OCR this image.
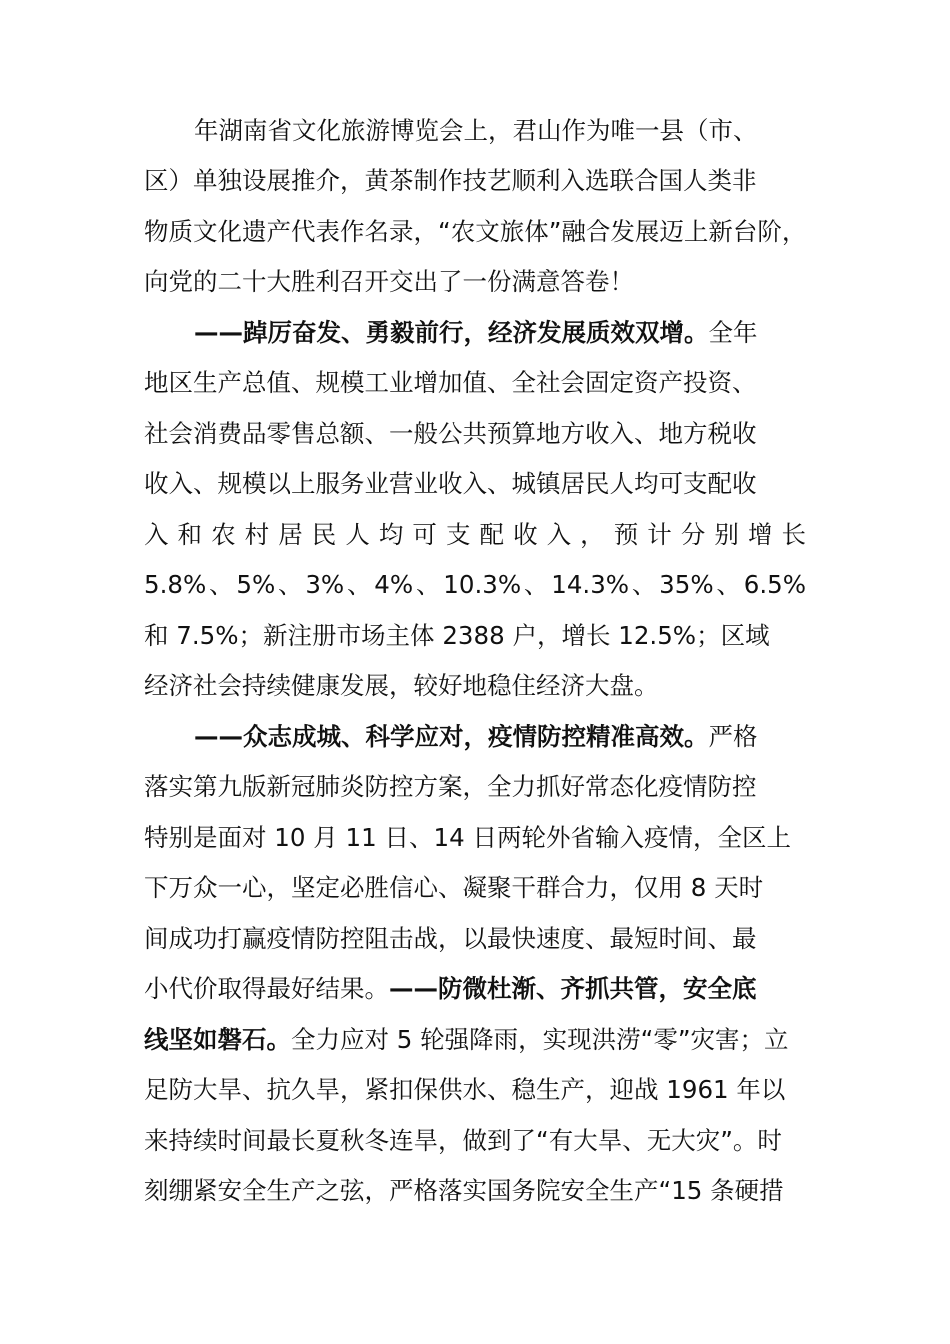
年湖南省文化旅游博览会上，君山作为唯一县（市、
区）单独设展推介，黄茶制作技艺顺利入选联合国人类非
物质文化遗产代表作名录，“农文旅体”融合发展迈上新台阶，
向党的二十大胜利召开交出了一份满意答卷！
——踔厉奋发、勇毅前行，经济发展质效双增。全年
地区生产总值、规模工业增加值、全社会固定资产投资、
社会消费品零售总额、一般公共预算地方收入、地方税收
收入、规模以上服务业营业收入、城镇居民人均可支配收
入和农村居民人均可支配收入，预计分别增长
5.8%、5%、3%、4%、10.3%、14.3%、35%、6.5%
和 7.5%；新注册市场主体 2388 户，增长 12.5%；区域
经济社会持续健康发展，较好地稳住经济大盘。
——众志成城、科学应对，疫情防控精准高效。严格
落实第九版新冠肺炎防控方案，全力抓好常态化疫情防控
特别是面对 10 月 11 日、14 日两轮外省输入疫情，全区上
下万众一心，坚定必胜信心、凝聚干群合力，仅用 8 天时
间成功打赢疫情防控阻击战，以最快速度、最短时间、最
小代价取得最好结果。——防微杜渐、齐抓共管，安全底
线坚如磐石。全力应对 5 轮强降雨，实现洪涝“零”灾害；立
足防大旱、抗久旱，紧扣保供水、稳生产，迎战 1961 年以
来持续时间最长夏秋冬连旱，做到了“有大旱、无大灾”。时
刻绷紧安全生产之弦，严格落实国务院安全生产“15 条硬措
